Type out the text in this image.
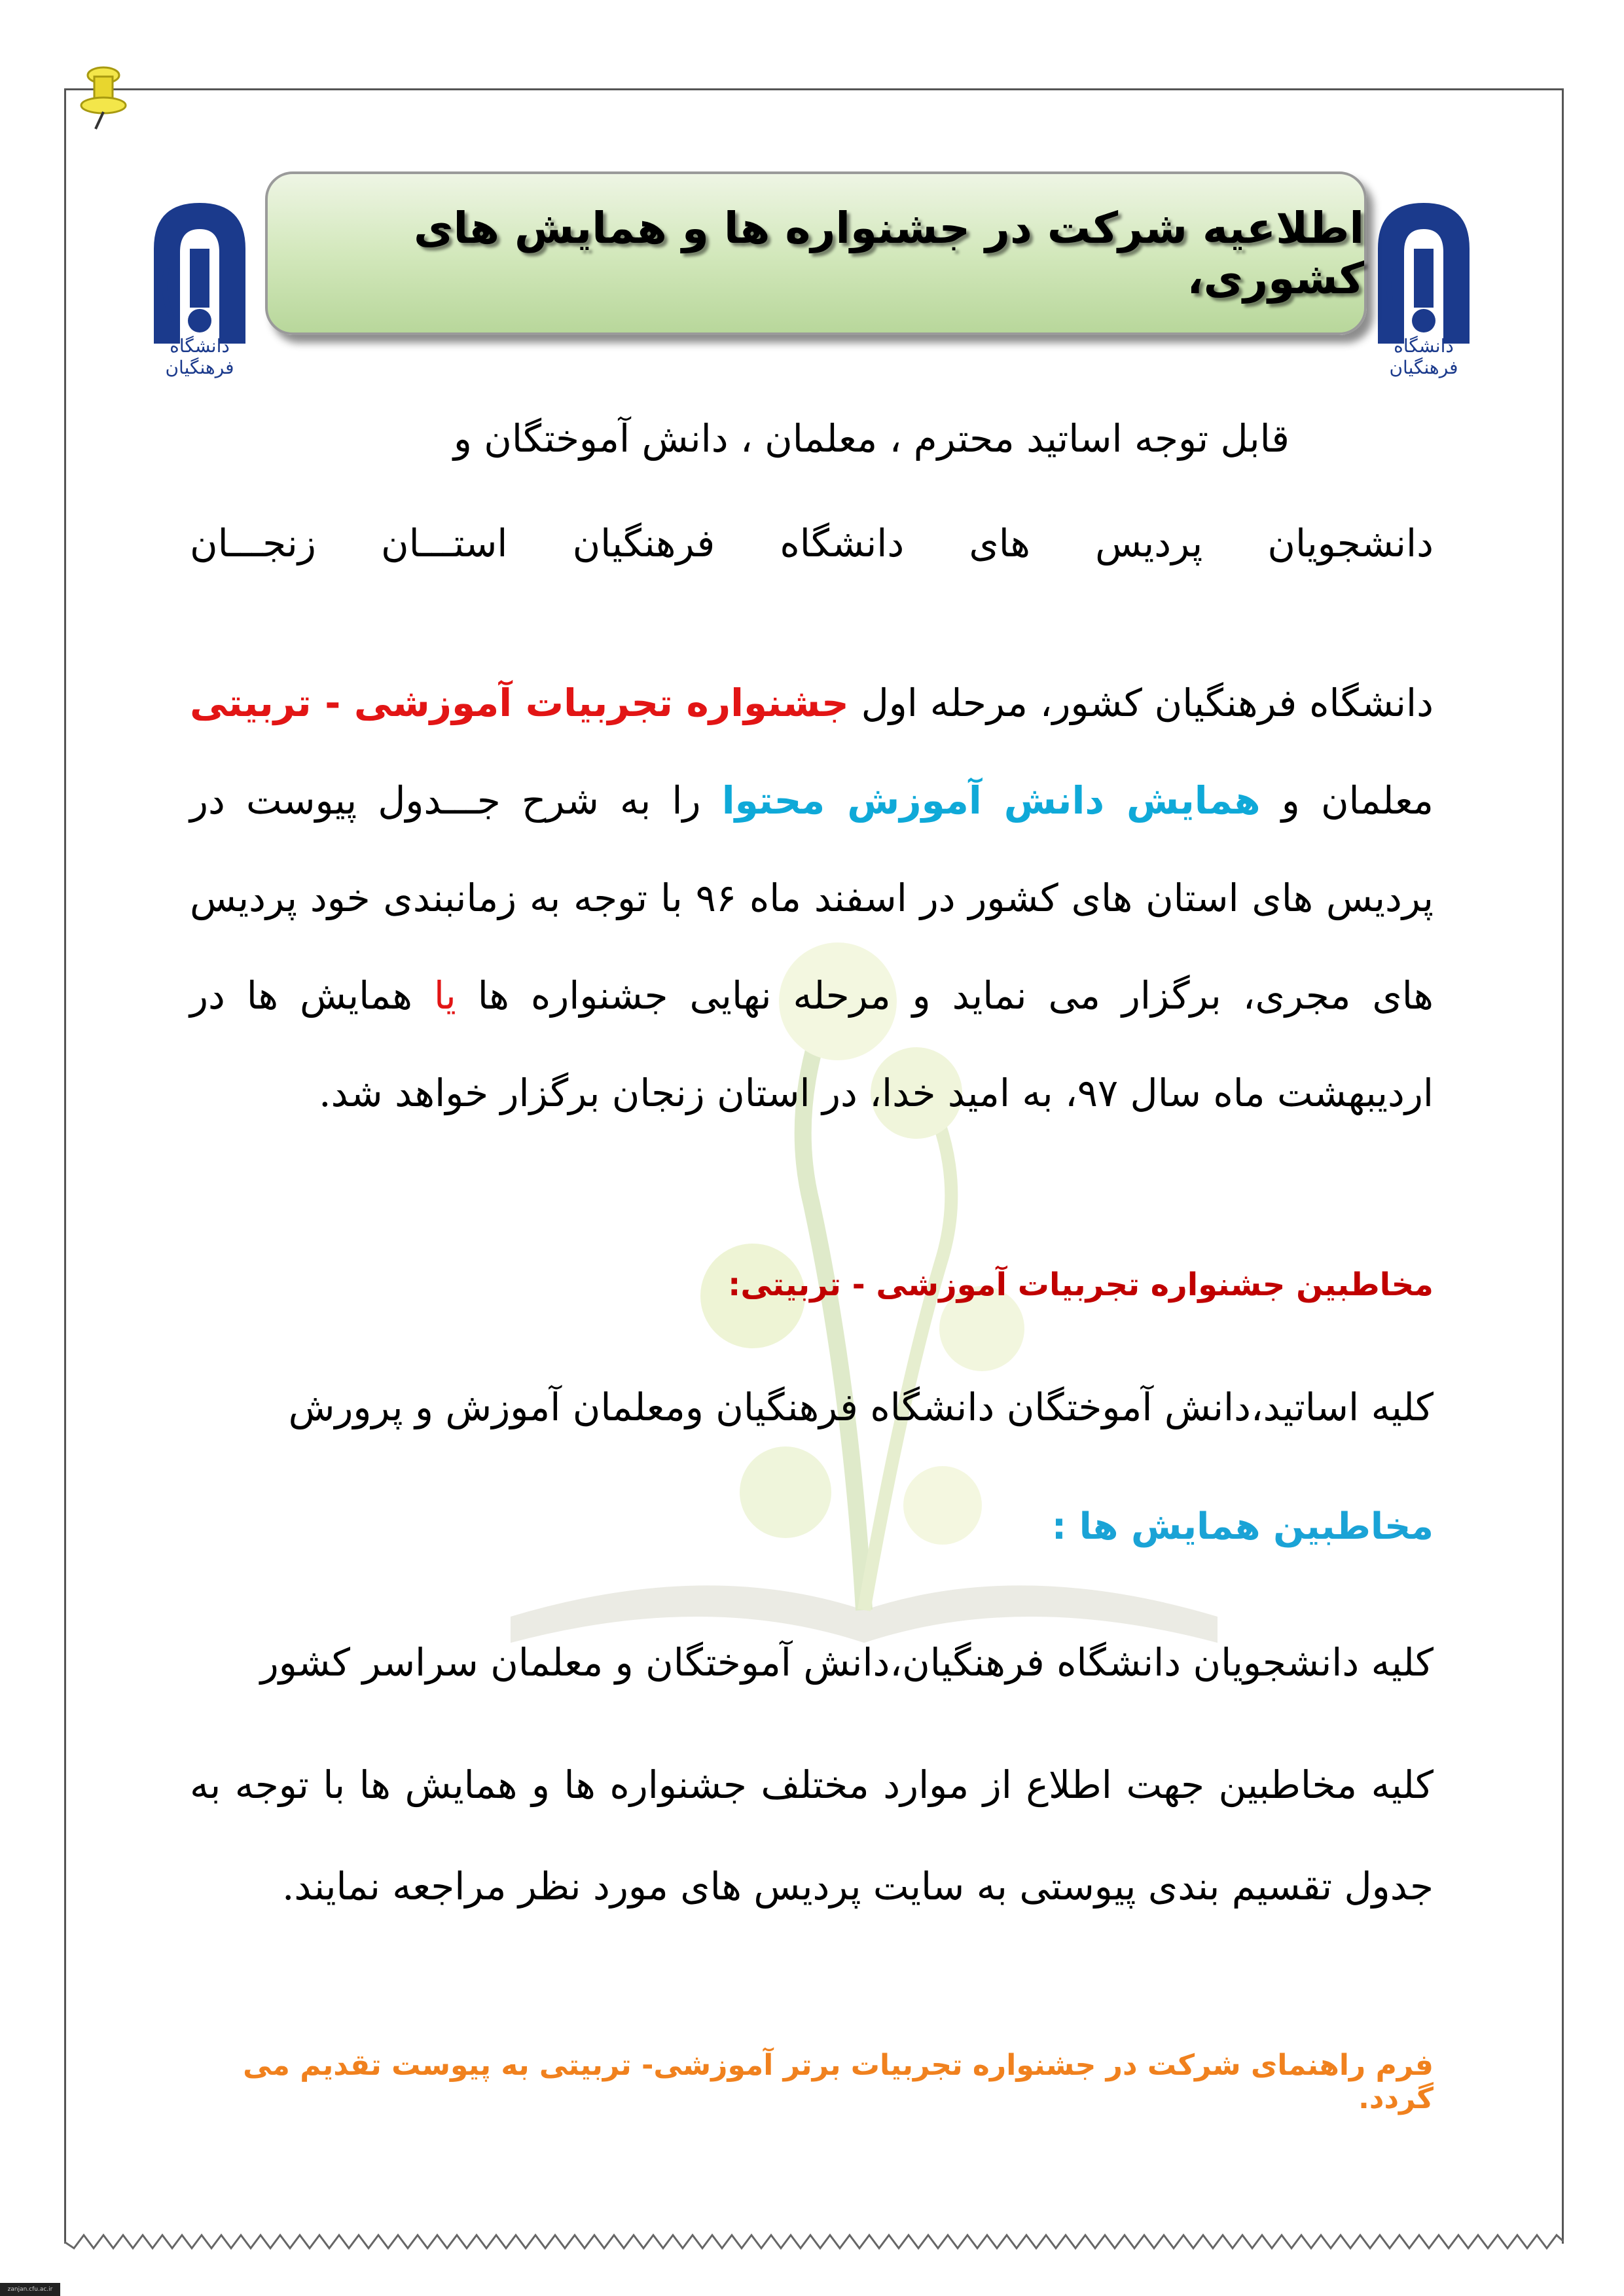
دانشگاه فرهنگیان
دانشگاه فرهنگیان
اطلاعیه شرکت در جشنواره ها و همایش های کشوری،
قابل توجه اساتید محترم ، معلمان ، دانش آموختگان و
دانشجویان پردیس های دانشگاه فرهنگیان استـــان زنجـــان
دانشگاه فرهنگیان کشور، مرحله اول جشنواره تجربیات آموزشی - تربیتی معلمان و همایش دانش آموزش محتوا را به شرح جـــدول پیوست در پردیس های استان های کشور در اسفند ماه ۹۶ با توجه به زمانبندی خود پردیس های مجری، برگزار می نماید و مرحله نهایی جشنواره ها یا همایش ها در اردیبهشت ماه سال ۹۷، به امید خدا، در استان زنجان برگزار خواهد شد.
مخاطبین جشنواره تجربیات آموزشی - تربیتی:
کلیه اساتید،دانش آموختگان دانشگاه فرهنگیان ومعلمان آموزش و پرورش
مخاطبین همایش ها :
کلیه دانشجویان دانشگاه فرهنگیان،دانش آموختگان و معلمان سراسر کشور
کلیه مخاطبین جهت اطلاع از موارد مختلف جشنواره ها و همایش ها با توجه به جدول تقسیم بندی پیوستی به سایت پردیس های مورد نظر مراجعه نمایند.
فرم راهنمای شرکت در جشنواره تجربیات برتر آموزشی- تربیتی به پیوست تقدیم می گردد.
zanjan.cfu.ac.ir
